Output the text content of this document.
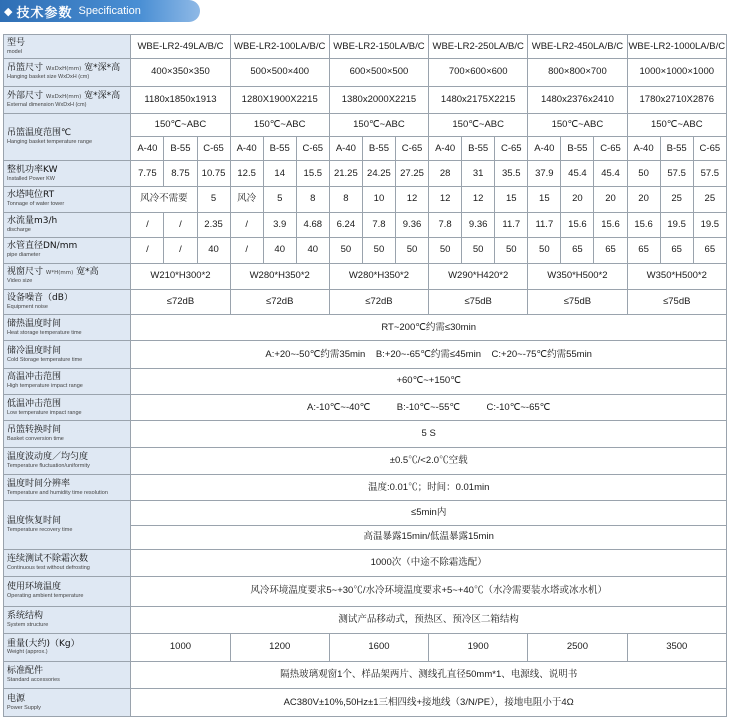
◆ 技术参数 Specification
型号
model	WBE-LR2-49LA/B/C			WBE-LR2-100LA/B/C			WBE-LR2-150LA/B/C			WBE-LR2-250LA/B/C			WBE-LR2-450LA/B/C			WBE-LR2-1000LA/B/C		

吊篮尺寸 WxDxH(mm) 宽*深*高
Hanging basket size WxDxH (cm)	400×350×350			500×500×400			600×500×500			700×600×600			800×800×700			1000×1000×1000		

外部尺寸 WxDxH(mm) 宽*深*高
External dimension WxDxH (cm)	1180x1850x1913			1280X1900X2215			1380x2000X2215			1480x2175X2215			1480x2376x2410			1780x2710X2876		

吊篮温度范围℃
Hanging basket temperature range	150℃~ABC			150℃~ABC			150℃~ABC			150℃~ABC			150℃~ABC			150℃~ABC		
	A-40	B-55	C-65	A-40	B-55	C-65	A-40	B-55	C-65	A-40	B-55	C-65	A-40	B-55	C-65	A-40	B-55	C-65

整机功率KW
Installed Power KW	7.75	8.75	10.75	12.5	14	15.5	21.25	24.25	27.25	28	31	35.5	37.9	45.4	45.4	50	57.5	57.5

水塔吨位RT
Tonnage of water tower	风冷不需要		5	风冷	5	8	8	10	12	12	12	15	15	20	20	20	25	25

水流量m3/h
discharge	/	/	2.35	/	3.9	4.68	6.24	7.8	9.36	7.8	9.36	11.7	11.7	15.6	15.6	15.6	19.5	19.5

水管直径DN/mm
pipe diameter	/	/	40	/	40	40	50	50	50	50	50	50	50	65	65	65	65	65

视窗尺寸 W*H(mm) 宽*高
Video size	W210*H300*2			W280*H350*2			W280*H350*2			W290*H420*2			W350*H500*2			W350*H500*2		

设备噪音（dB）
Equipment noise	≤72dB			≤72dB			≤72dB			≤75dB			≤75dB			≤75dB		

储热温度时间
Heat storage temperature time	RT~200℃约需≤30min																	

储冷温度时间
Cold Storage temperature time	A:+20~-50℃约需35min    B:+20~-65℃约需≤45min    C:+20~-75℃约需55min																	

高温冲击范围
High temperature impact range	+60℃~+150℃																	

低温冲击范围
Low temperature impact range	A:-10℃~-40℃          B:-10℃~-55℃          C:-10℃~-65℃																	

吊篮转换时间
Basket conversion time	5 S																	

温度波动度／均匀度
Temperature fluctuation/uniformity	±0.5℃/<2.0℃空载																	

温度时间分辨率
Temperature and humidity time resolution	温度:0.01℃；时间：0.01min																	

温度恢复时间
Temperature recovery time	≤5min内																	
	高温暴露15min/低温暴露15min																	

连续测试不除霜次数
Continuous test without defrosting	1000次（中途不除霜选配）																	

使用环境温度
Operating ambient temperature	风冷环境温度要求5~+30℃/水冷环境温度要求+5~+40℃（水冷需要装水塔或冰水机）																	

系统结构
System structure	测试产品移动式，预热区、预冷区二箱结构																	

重量(大约)（Kg）
Weight (approx.)	1000			1200			1600			1900			2500			3500		

标准配件
Standard accessories	隔热玻璃观窗1个、样品架两片、测线孔直径50mm*1、电源线、说明书																	

电源
Power Supply	AC380V±10%,50Hz±1三相四线+接地线（3/N/PE），接地电阻小于4Ω																	
